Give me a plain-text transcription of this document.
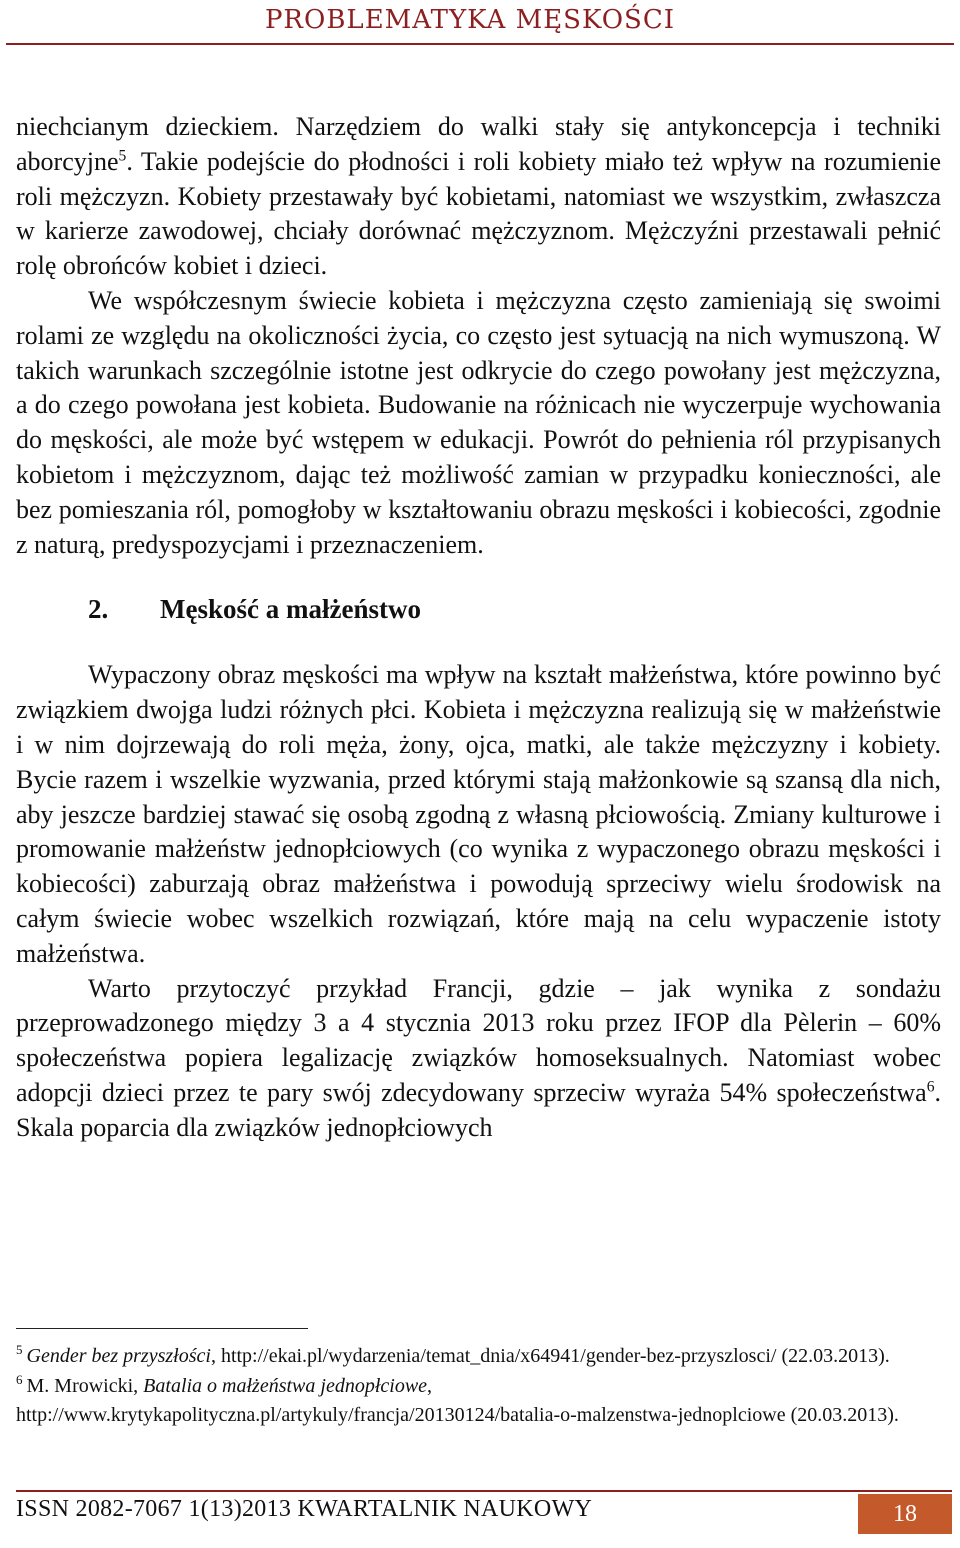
PROBLEMATYKA MĘSKOŚCI

niechcianym dzieckiem. Narzędziem do walki stały się antykoncepcja i techniki aborcyjne$^5$. Takie podejście do płodności i roli kobiety miało też wpływ na rozumienie roli mężczyzn. Kobiety przestawały być kobietami, natomiast we wszystkim, zwłaszcza w karierze zawodowej, chciały dorównać mężczyznom. Mężczyźni przestawali pełnić rolę obrońców kobiet i dzieci.

We współczesnym świecie kobieta i mężczyzna często zamieniają się swoimi rolami ze względu na okoliczności życia, co często jest sytuacją na nich wymuszoną. W takich warunkach szczególnie istotne jest odkrycie do czego powołany jest mężczyzna, a do czego powołana jest kobieta. Budowanie na różnicach nie wyczerpuje wychowania do męskości, ale może być wstępem w edukacji. Powrót do pełnienia ról przypisanych kobietom i mężczyznom, dając też możliwość zamian w przypadku konieczności, ale bez pomieszania ról, pomogłoby w kształtowaniu obrazu męskości i kobiecości, zgodnie z naturą, predyspozycjami i przeznaczeniem.

2. Męskość a małżeństwo

Wypaczony obraz męskości ma wpływ na kształt małżeństwa, które powinno być związkiem dwojga ludzi różnych płci. Kobieta i mężczyzna realizują się w małżeństwie i w nim dojrzewają do roli męża, żony, ojca, matki, ale także mężczyzny i kobiety. Bycie razem i wszelkie wyzwania, przed którymi stają małżonkowie są szansą dla nich, aby jeszcze bardziej stawać się osobą zgodną z własną płciowością. Zmiany kulturowe i promowanie małżeństw jednopłciowych (co wynika z wypaczonego obrazu męskości i kobiecości) zaburzają obraz małżeństwa i powodują sprzeciwy wielu środowisk na całym świecie wobec wszelkich rozwiązań, które mają na celu wypaczenie istoty małżeństwa.

Warto przytoczyć przykład Francji, gdzie – jak wynika z sondażu przeprowadzonego między 3 a 4 stycznia 2013 roku przez IFOP dla Pèlerin – 60% społeczeństwa popiera legalizację związków homoseksualnych. Natomiast wobec adopcji dzieci przez te pary swój zdecydowany sprzeciw wyraża 54% społeczeństwa$^6$. Skala poparcia dla związków jednopłciowych

$^5$ Gender bez przyszłości, http://ekai.pl/wydarzenia/temat_dnia/x64941/gender-bez-przyszlosci/ (22.03.2013).

$^6$ M. Mrowicki, Batalia o małżeństwa jednopłciowe, http://www.krytykapolityczna.pl/artykuly/francja/20130124/batalia-o-malzenstwa-jednoplciowe (20.03.2013).

ISSN 2082-7067 1(13)2013 KWARTALNIK NAUKOWY	18
